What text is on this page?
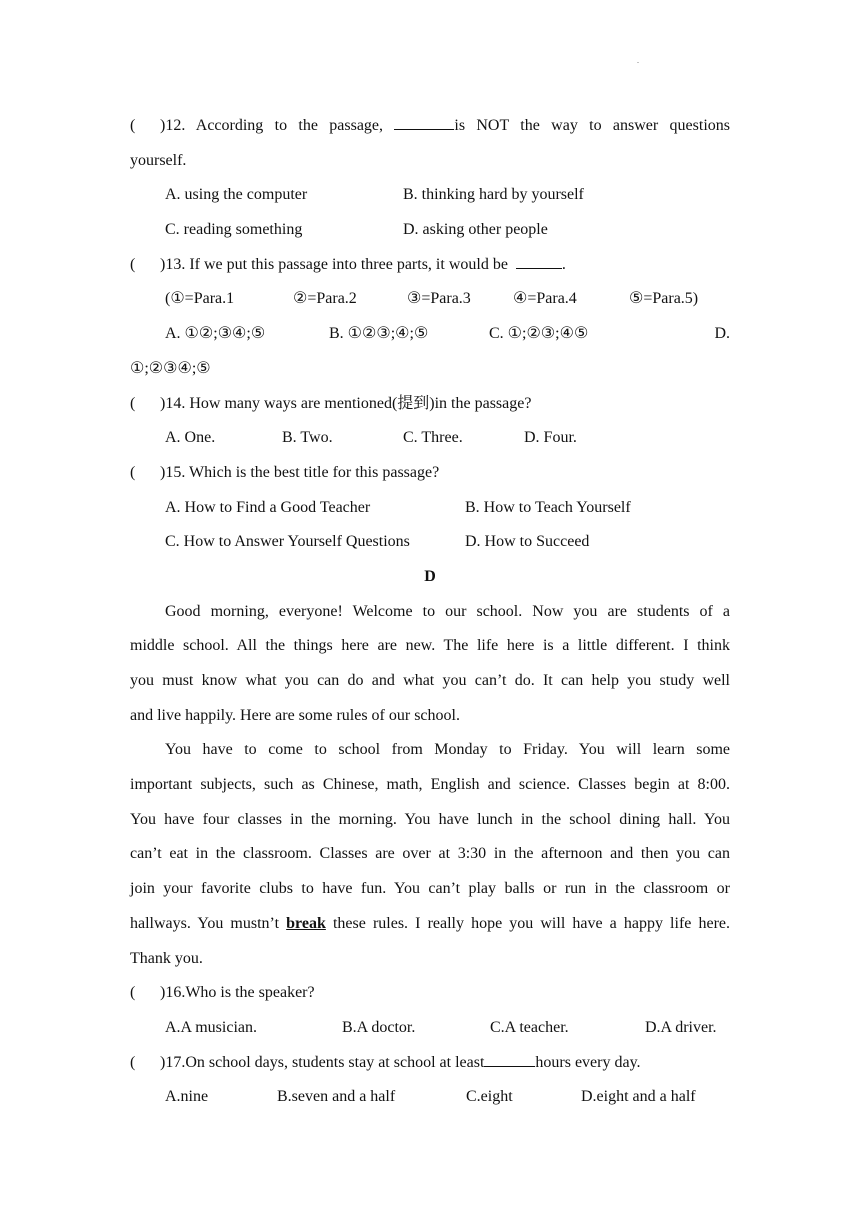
.
( )12. According to the passage,	is NOT the way to answer questions
yourself.
A. using the computer	B. thinking hard by yourself
C. reading something	D. asking other people
( )13. If we put this passage into three parts, it would be	.
(①=Para.1	②=Para.2	③=Para.3	④=Para.4	⑤=Para.5)
A. ①②;③④;⑤	B. ①②③;④;⑤	C. ①;②③;④⑤	D.
①;②③④;⑤
( )14. How many ways are mentioned(提到)in the passage?
A. One.	B. Two.	C. Three.	D. Four.
( )15. Which is the best title for this passage?
A. How to Find a Good Teacher	B. How to Teach Yourself
C. How to Answer Yourself Questions	D. How to Succeed
D
Good morning, everyone! Welcome to our school. Now you are students of a
middle school. All the things here are new. The life here is a little different. I think
you must know what you can do and what you can’t do. It can help you study well
and live happily. Here are some rules of our school.
You have to come to school from Monday to Friday. You will learn some
important subjects, such as Chinese, math, English and science. Classes begin at 8:00.
You have four classes in the morning. You have lunch in the school dining hall. You
can’t eat in the classroom. Classes are over at 3:30 in the afternoon and then you can
join your favorite clubs to have fun. You can’t play balls or run in the classroom or
hallways. You mustn’t break these rules. I really hope you will have a happy life here.
Thank you.
( )16.Who is the speaker?
A.A musician.	B.A doctor.	C.A teacher.	D.A driver.
( )17.On school days, students stay at school at least	hours every day.
A.nine	B.seven and a half	C.eight	D.eight and a half
